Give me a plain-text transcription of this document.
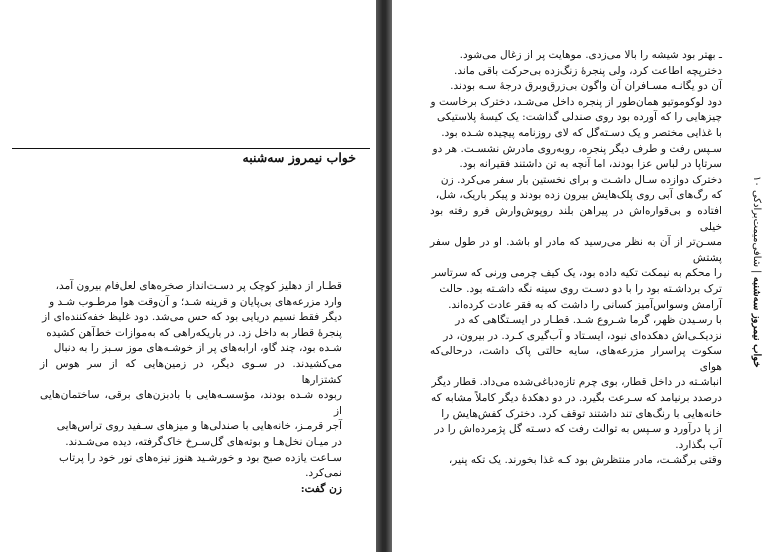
خواب نیمروز سه‌شنبه

قطـار از دهلیز کوچک پر دسـت‌انداز صخره‌های لعل‌فام بیرون آمد،

وارد مزرعه‌های بی‌پایان و قرینه شـد؛ و آن‌وقت هوا مرطـوب شـد و

دیگر فقط نسیم دریایی بود که حس می‌شد. دود غلیظ خفه‌کننده‌ای از

پنجرهٔ قطار به داخل زد. در باریکه‌راهی که به‌موازات خط‌آهن کشیده

شـده بود، چند گاو، ارابه‌های پر از خوشـه‌های موز سـبز را به دنبال

می‌کشیدند. در سـوی دیگر، در زمین‌هایی که از سر هوس از کشتزارها

ربوده شـده بودند، مؤسسـه‌هایی با بادبزن‌های برقی، ساختمان‌هایی از

آجر قرمـز، خانه‌هایی با صندلی‌ها و میزهای سـفید روی تراس‌هایی

در میـان نخل‌هـا و بوته‌های گل‌سـرخ خاک‌گرفته، دیده می‌شـدند.

سـاعت یازده صبح بود و خورشـید هنوز نیزه‌های نور خود را پرتاب

نمی‌کرد.

زن گفت:

ـ بهتر بود شیشه را بالا می‌زدی. موهایت پر از زغال می‌شود.

دخترپچه اطاعت کرد، ولی پنجرهٔ زنگ‌زده بی‌حرکت باقی ماند.

آن دو یگانـه مسـافران آن واگون بی‌زرق‌وبرق درجهٔ سـه بودند.

دود لوکوموتیو همان‌طور از پنجره داخل می‌شـد، دخترک برخاست و

چیزهایی را که آورده بود روی صندلی گذاشت: یک کیسهٔ پلاستیکی

با غذایی مختصر و یک دسـته‌گل که لای روزنامه پیچیده شـده بود.

سـپس رفت و طرف دیگر پنجره، روبه‌روی مادرش نشسـت. هر دو

سرتاپا در لباس عزا بودند، اما آنچه به تن داشتند فقیرانه بود.

دخترک دوازده سـال داشـت و برای نخستین بار سفر می‌کرد. زن

که رگ‌های آبی روی پلک‌هایش بیرون زده بودند و پیکر باریک، شل،

افتاده و بی‌قواره‌اش در پیراهن بلند روپوش‌وارش فرو رفته بود خیلی

مسـن‌تر از آن به نظر می‌رسید که مادر او باشد. او در طول سفر پشتش

را محکم به نیمکت تکیه داده بود، یک کیف چرمی ورنی که سرتاسر

ترک برداشـته بود را با دو دسـت روی سینه نگه داشـته بود. حالت

آرامش وسواس‌آمیز کسانی را داشت که به فقر عادت کرده‌اند.

با رسـیدن ظهر، گرما شـروع شـد. قطـار در ایسـتگاهی که در

نزدیکـی‌اش دهکده‌ای نبود، ایسـتاد و آب‌گیری کـرد. در بیرون، در

سکوت پراسرار مزرعه‌های، سایه حالتی پاک داشت، درحالی‌که هوای

انباشـته در داخل قطار، بوی چرم تازه‌دباغی‌شده می‌داد. قطار دیگر

درصدد برنیامد که سـرعت بگیرد. در دو دهکدهٔ دیگر کاملاً مشابه که

خانه‌هایی با رنگ‌های تند داشتند توقف کرد. دخترک کفش‌هایش را

از پا درآورد و سـپس به توالت رفت که دسـته گل پژمرده‌اش را در

آب بگذارد.

وقتی برگشـت، مادر منتظرش بود کـه غذا بخورند. یک تکه پنیر،

خواب نیمروز سه‌شنبه | شافی‌میمت‌برادکی ۱۰
